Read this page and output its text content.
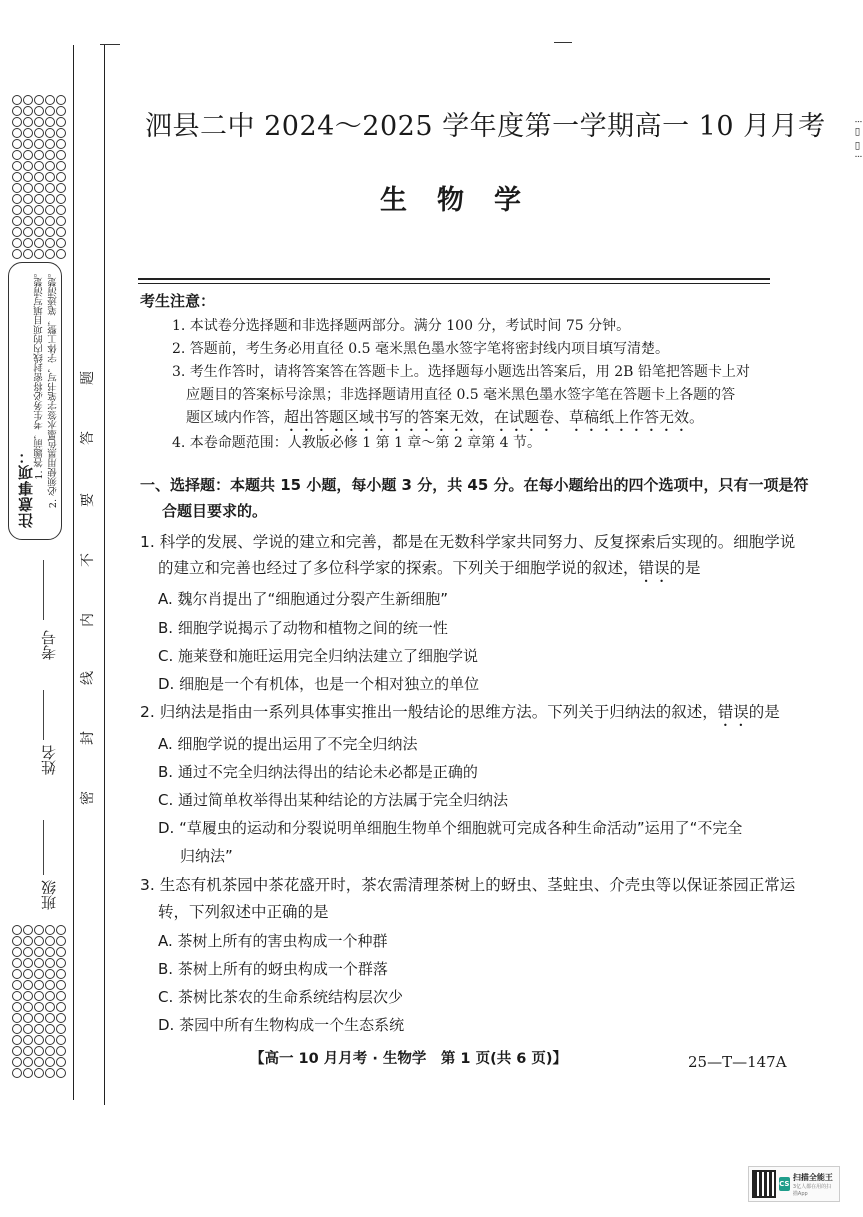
注意事项：
1. 答题前，考生务必将密封线内的项目填写清楚。 2. 必须使用黑色墨水签字笔书写，字体工整，笔迹清楚。
考号
姓名
班级
密
封
线
内
不
要
答
题
泗县二中 2024～2025 学年度第一学期高一 10 月月考
生物学
考生注意：
1. 本试卷分选择题和非选择题两部分。满分 100 分，考试时间 75 分钟。
2. 答题前，考生务必用直径 0.5 毫米黑色墨水签字笔将密封线内项目填写清楚。
3. 考生作答时，请将答案答在答题卡上。选择题每小题选出答案后，用 2B 铅笔把答题卡上对
应题目的答案标号涂黑；非选择题请用直径 0.5 毫米黑色墨水签字笔在答题卡上各题的答
题区域内作答，超出答题区域书写的答案无效，在试题卷、草稿纸上作答无效。
4. 本卷命题范围：人教版必修 1 第 1 章～第 2 章第 4 节。
一、选择题：本题共 15 小题，每小题 3 分，共 45 分。在每小题给出的四个选项中，只有一项是符
合题目要求的。
1. 科学的发展、学说的建立和完善，都是在无数科学家共同努力、反复探索后实现的。细胞学说
的建立和完善也经过了多位科学家的探索。下列关于细胞学说的叙述，错误的是
A. 魏尔肖提出了“细胞通过分裂产生新细胞”
B. 细胞学说揭示了动物和植物之间的统一性
C. 施莱登和施旺运用完全归纳法建立了细胞学说
D. 细胞是一个有机体，也是一个相对独立的单位
2. 归纳法是指由一系列具体事实推出一般结论的思维方法。下列关于归纳法的叙述，错误的是
A. 细胞学说的提出运用了不完全归纳法
B. 通过不完全归纳法得出的结论未必都是正确的
C. 通过简单枚举得出某种结论的方法属于完全归纳法
D. “草履虫的运动和分裂说明单细胞生物单个细胞就可完成各种生命活动”运用了“不完全
归纳法”
3. 生态有机茶园中茶花盛开时，茶农需清理茶树上的蚜虫、茎蛀虫、介壳虫等以保证茶园正常运
转，下列叙述中正确的是
A. 茶树上所有的害虫构成一个种群
B. 茶树上所有的蚜虫构成一个群落
C. 茶树比茶农的生命系统结构层次少
D. 茶园中所有生物构成一个生态系统
【高一 10 月月考 · 生物学　第 1 页(共 6 页)】	25—T—147A
⁝ ▯ ▯ ⁝
CS
扫描全能王
3亿人都在用的扫描App
